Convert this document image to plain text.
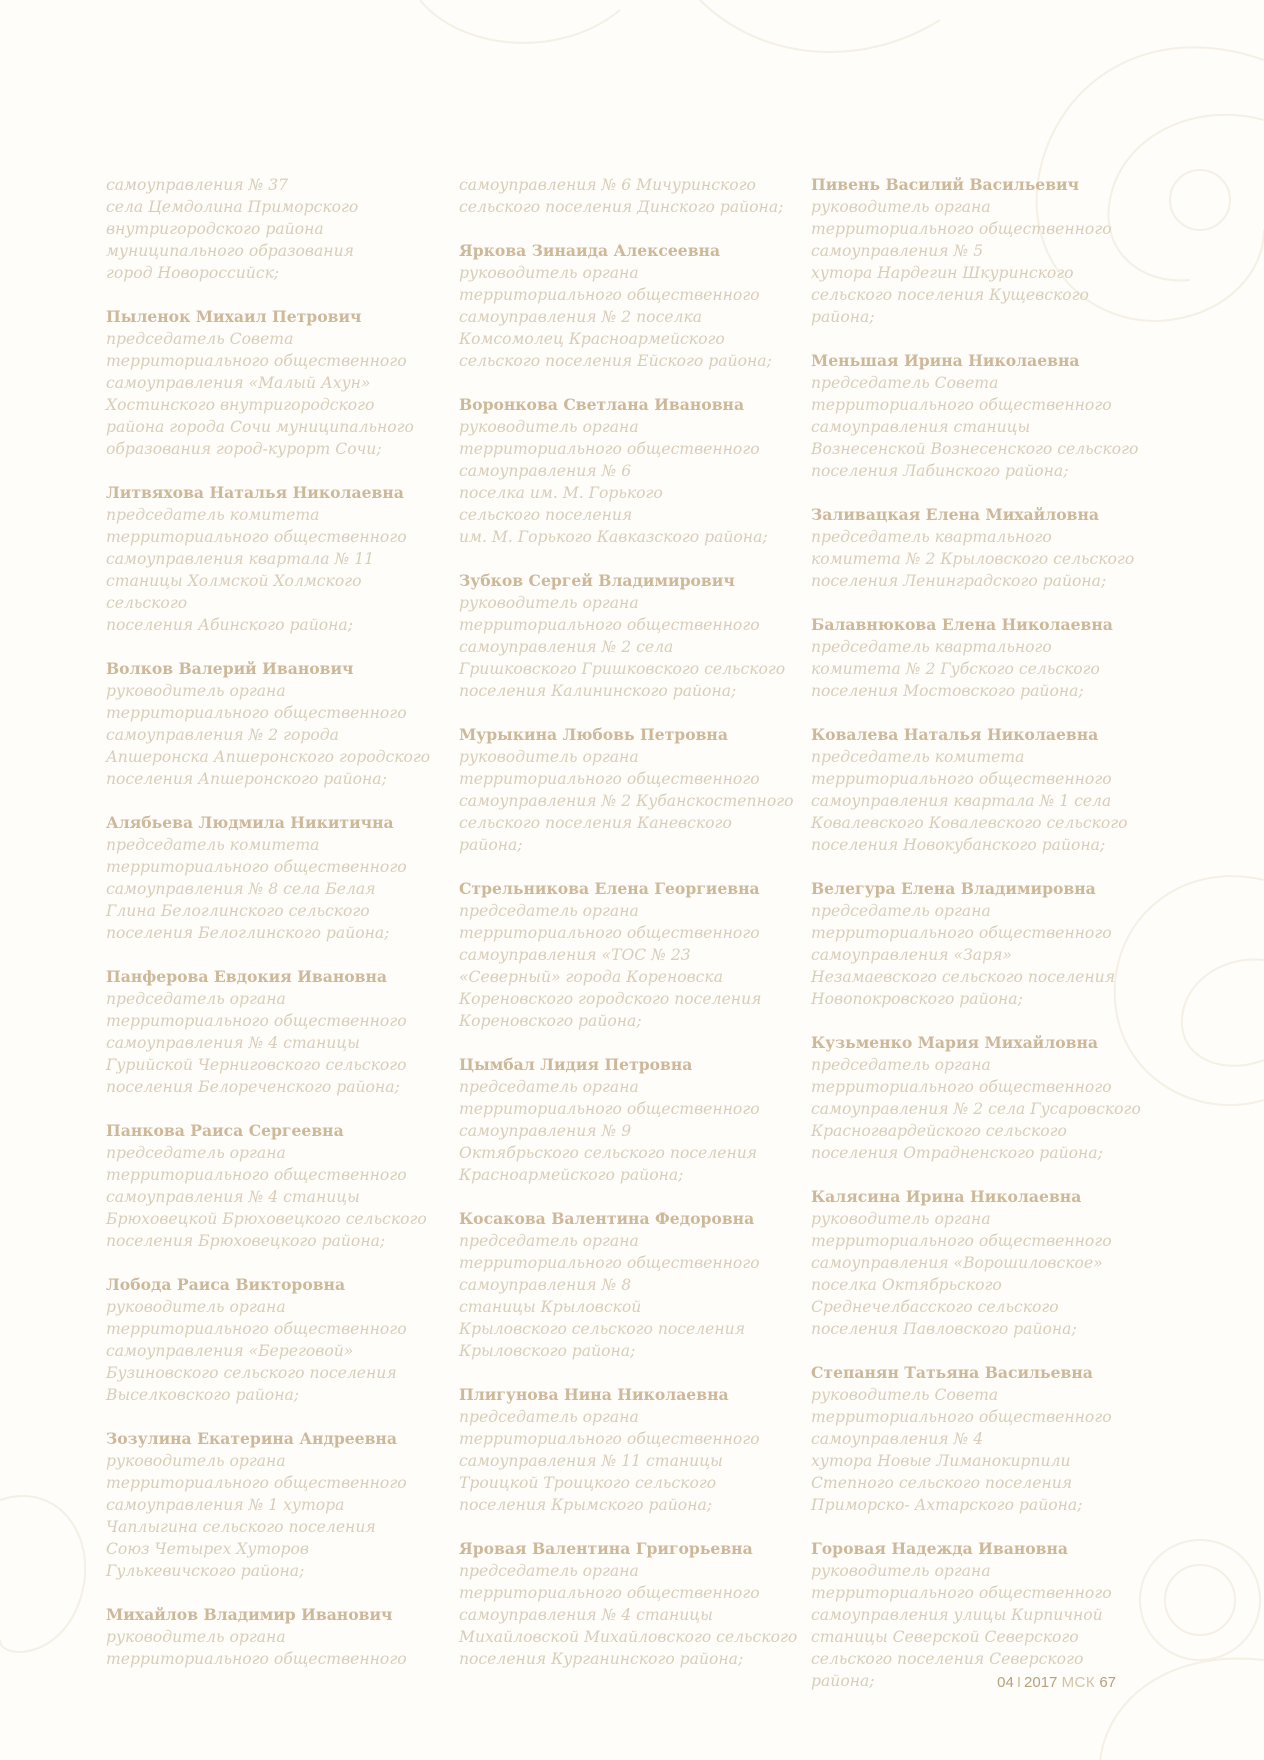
самоуправления № 37
села Цемдолина Приморского
внутригородского района
муниципального образования
город Новороссийск;
Пыленок Михаил Петрович
председатель Совета
территориального общественного
самоуправления «Малый Ахун»
Хостинского внутригородского
района города Сочи муниципального
образования город-курорт Сочи;
Литвяхова Наталья Николаевна
председатель комитета
территориального общественного
самоуправления квартала № 11
станицы Холмской Холмского сельского
поселения Абинского района;
Волков Валерий Иванович
руководитель органа
территориального общественного
самоуправления № 2 города
Апшеронска Апшеронского городского
поселения Апшеронского района;
Алябьева Людмила Никитична
председатель комитета
территориального общественного
самоуправления № 8 села Белая
Глина Белоглинского сельского
поселения Белоглинского района;
Панферова Евдокия Ивановна
председатель органа
территориального общественного
самоуправления № 4 станицы
Гурийской Черниговского сельского
поселения Белореченского района;
Панкова Раиса Сергеевна
председатель органа
территориального общественного
самоуправления № 4 станицы
Брюховецкой Брюховецкого сельского
поселения Брюховецкого района;
Лобода Раиса Викторовна
руководитель органа
территориального общественного
самоуправления «Береговой»
Бузиновского сельского поселения
Выселковского района;
Зозулина Екатерина Андреевна
руководитель органа
территориального общественного
самоуправления № 1 хутора
Чаплыгина сельского поселения
Союз Четырех Хуторов
Гулькевичского района;
Михайлов Владимир Иванович
руководитель органа
территориального общественного
самоуправления № 6 Мичуринского
сельского поселения Динского района;
Яркова Зинаида Алексеевна
руководитель органа
территориального общественного
самоуправления № 2 поселка
Комсомолец Красноармейского
сельского поселения Ейского района;
Воронкова Светлана Ивановна
руководитель органа
территориального общественного
самоуправления № 6
поселка им. М. Горького
сельского поселения
им. М. Горького Кавказского района;
Зубков Сергей Владимирович
руководитель органа
территориального общественного
самоуправления № 2 села
Гришковского Гришковского сельского
поселения Калининского района;
Мурыкина Любовь Петровна
руководитель органа
территориального общественного
самоуправления № 2 Кубанскостепного
сельского поселения Каневского района;
Стрельникова Елена Георгиевна
председатель органа
территориального общественного
самоуправления «ТОС № 23
«Северный» города Кореновска
Кореновского городского поселения
Кореновского района;
Цымбал Лидия Петровна
председатель органа
территориального общественного
самоуправления № 9
Октябрьского сельского поселения
Красноармейского района;
Косакова Валентина Федоровна
председатель органа
территориального общественного
самоуправления № 8
станицы Крыловской
Крыловского сельского поселения
Крыловского района;
Плигунова Нина Николаевна
председатель органа
территориального общественного
самоуправления № 11 станицы
Троицкой Троицкого сельского
поселения Крымского района;
Яровая Валентина Григорьевна
председатель органа
территориального общественного
самоуправления № 4 станицы
Михайловской Михайловского сельского
поселения Курганинского района;
Пивень Василий Васильевич
руководитель органа
территориального общественного
самоуправления № 5
хутора Нардегин Шкуринского
сельского поселения Кущевского района;
Меньшая Ирина Николаевна
председатель Совета
территориального общественного
самоуправления станицы
Вознесенской Вознесенского сельского
поселения Лабинского района;
Заливацкая Елена Михайловна
председатель квартального
комитета № 2 Крыловского сельского
поселения Ленинградского района;
Балавнюкова Елена Николаевна
председатель квартального
комитета № 2 Губского сельского
поселения Мостовского района;
Ковалева Наталья Николаевна
председатель комитета
территориального общественного
самоуправления квартала № 1 села
Ковалевского Ковалевского сельского
поселения Новокубанского района;
Велегура Елена Владимировна
председатель органа
территориального общественного
самоуправления «Заря»
Незамаевского сельского поселения
Новопокровского района;
Кузьменко Мария Михайловна
председатель органа
территориального общественного
самоуправления № 2 села Гусаровского
Красногвардейского сельского
поселения Отрадненского района;
Калясина Ирина Николаевна
руководитель органа
территориального общественного
самоуправления «Ворошиловское»
поселка Октябрьского
Среднечелбасского сельского
поселения Павловского района;
Степанян Татьяна Васильевна
руководитель Совета
территориального общественного
самоуправления № 4
хутора Новые Лиманокирпили
Степного сельского поселения
Приморско- Ахтарского района;
Горовая Надежда Ивановна
руководитель органа
территориального общественного
самоуправления улицы Кирпичной
станицы Северской Северского
сельского поселения Северского района;	04 I 2017 МСК 67
